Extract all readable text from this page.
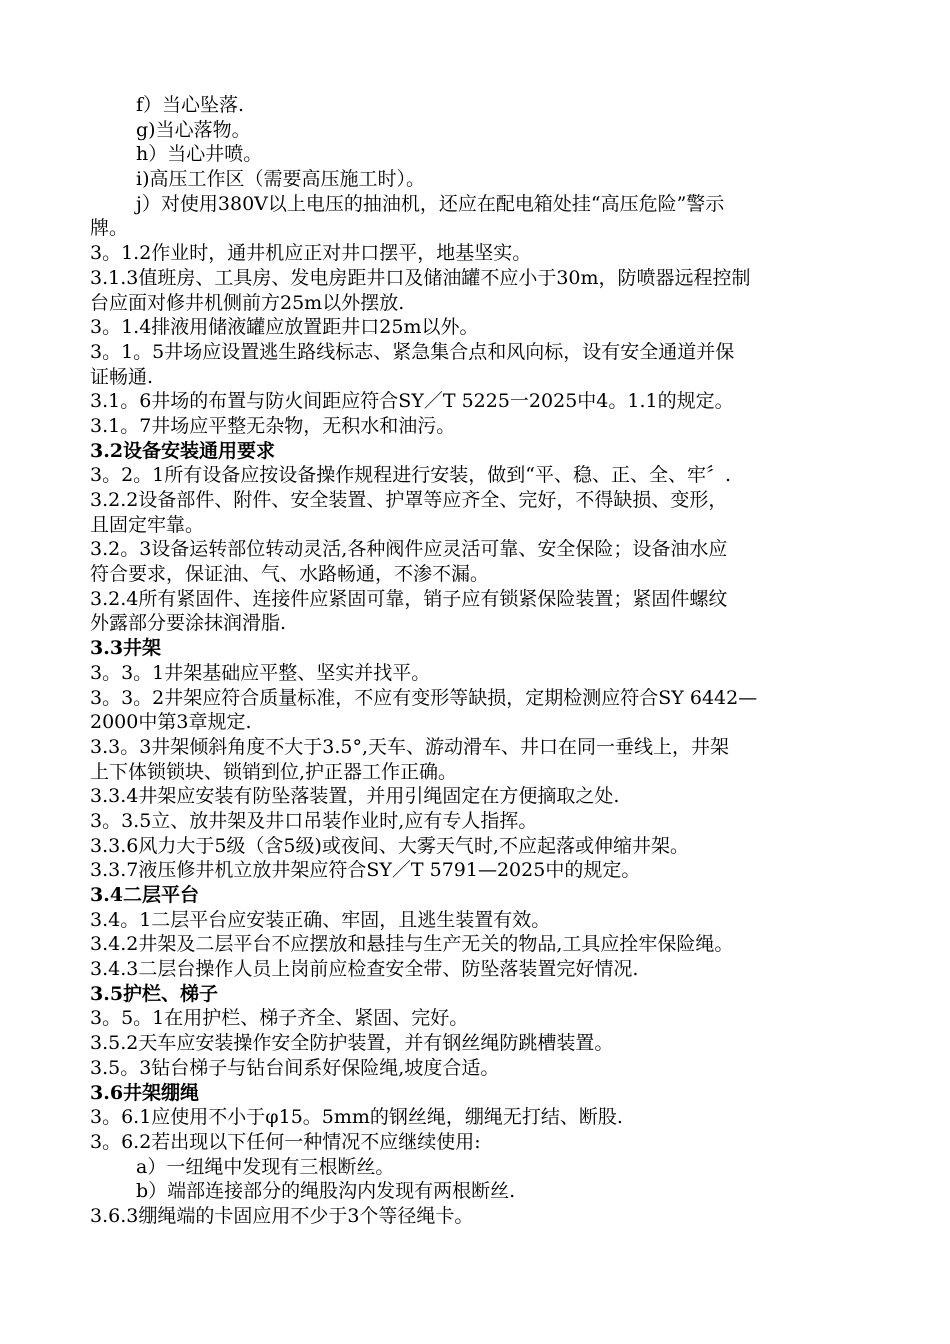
f）当心坠落.
g)当心落物。
h）当心井喷。
i)高压工作区（需要高压施工时）。
j）对使用380V以上电压的抽油机，还应在配电箱处挂“高压危险”警示
牌。
3。1.2作业时，通井机应正对井口摆平，地基坚实。
3.1.3值班房、工具房、发电房距井口及储油罐不应小于30m，防喷器远程控制
台应面对修井机侧前方25m以外摆放.
3。1.4排液用储液罐应放置距井口25m以外。
3。1。5井场应设置逃生路线标志、紧急集合点和风向标，设有安全通道并保
证畅通.
3.1。6井场的布置与防火间距应符合SY／T 5225一2025中4。1.1的规定。
3.1。7井场应平整无杂物，无积水和油污。
3.2设备安装通用要求
3。2。1所有设备应按设备操作规程进行安装，做到“平、稳、正、全、牢〞.
3.2.2设备部件、附件、安全装置、护罩等应齐全、完好，不得缺损、变形，
且固定牢靠。
3.2。3设备运转部位转动灵活,各种阀件应灵活可靠、安全保险；设备油水应
符合要求，保证油、气、水路畅通，不渗不漏。
3.2.4所有紧固件、连接件应紧固可靠，销子应有锁紧保险装置；紧固件螺纹
外露部分要涂抹润滑脂.
3.3井架
3。3。1井架基础应平整、坚实并找平。
3。3。2井架应符合质量标准，不应有变形等缺损，定期检测应符合SY 6442—
2000中第3章规定.
3.3。3井架倾斜角度不大于3.5°,天车、游动滑车、井口在同一垂线上，井架
上下体锁锁块、锁销到位,护正器工作正确。
3.3.4井架应安装有防坠落装置，并用引绳固定在方便摘取之处.
3。3.5立、放井架及井口吊装作业时,应有专人指挥。
3.3.6风力大于5级（含5级)或夜间、大雾天气时,不应起落或伸缩井架。
3.3.7液压修井机立放井架应符合SY／T 5791—2025中的规定。
3.4二层平台
3.4。1二层平台应安装正确、牢固，且逃生装置有效。
3.4.2井架及二层平台不应摆放和悬挂与生产无关的物品,工具应拴牢保险绳。
3.4.3二层台操作人员上岗前应检查安全带、防坠落装置完好情况.
3.5护栏、梯子
3。5。1在用护栏、梯子齐全、紧固、完好。
3.5.2天车应安装操作安全防护装置，并有钢丝绳防跳槽装置。
3.5。3钻台梯子与钻台间系好保险绳,坡度合适。
3.6井架绷绳
3。6.1应使用不小于φ15。5mm的钢丝绳，绷绳无打结、断股.
3。6.2若出现以下任何一种情况不应继续使用:
a）一纽绳中发现有三根断丝。
b）端部连接部分的绳股沟内发现有两根断丝.
3.6.3绷绳端的卡固应用不少于3个等径绳卡。
